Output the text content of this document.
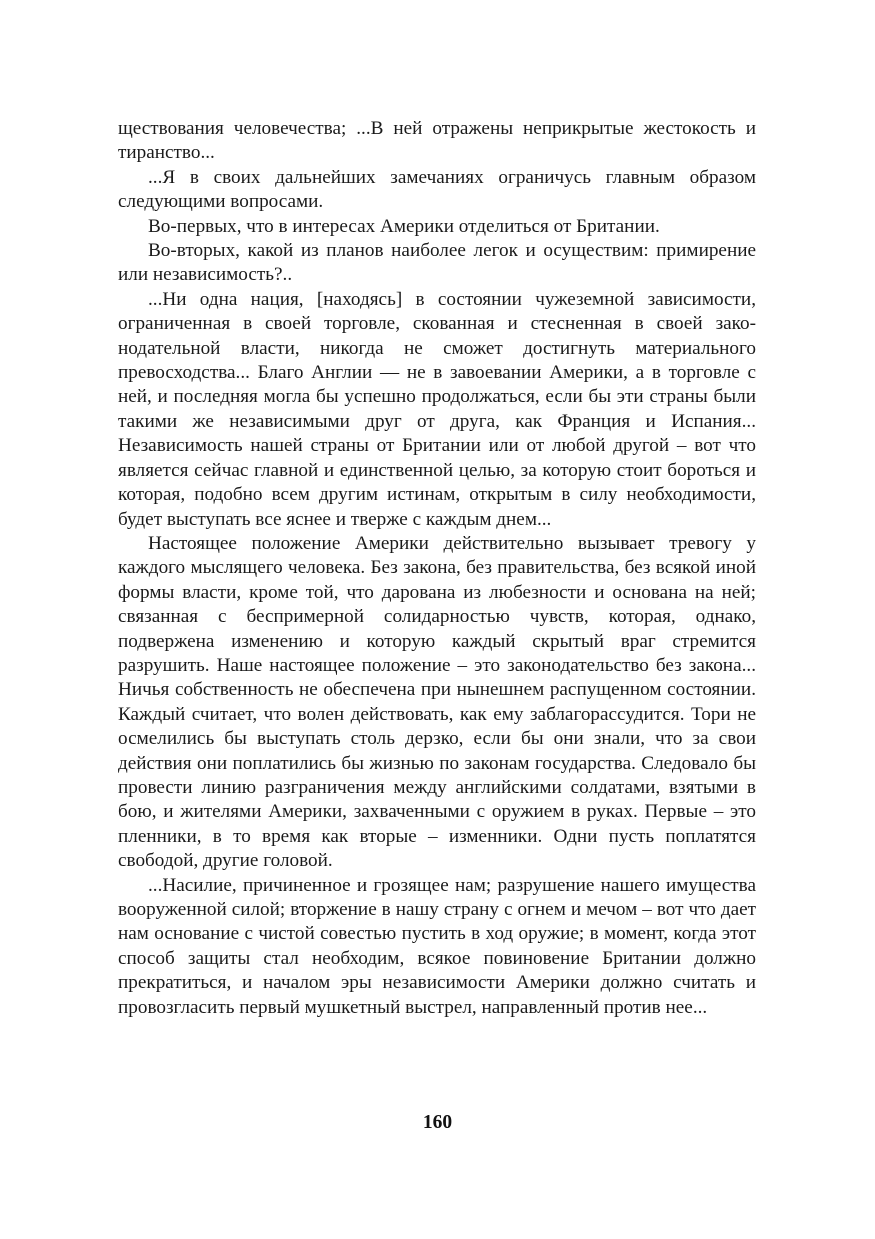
ществования человечества; ...В ней отражены неприкрытые жестокость и тиранство...

...Я в своих дальнейших замечаниях ограничусь главным образом следующими вопросами.

Во-первых, что в интересах Америки отделиться от Британии.

Во-вторых, какой из планов наиболее легок и осуществим: примирение или независимость?..

...Ни одна нация, [находясь] в состоянии чужеземной зависимости, ограниченная в своей торговле, скованная и стесненная в своей законодательной власти, никогда не сможет достигнуть материального превосходства... Благо Англии — не в завоевании Америки, а в торговле с ней, и последняя могла бы успешно продолжаться, если бы эти страны были такими же независимыми друг от друга, как Франция и Испания... Независимость нашей страны от Британии или от любой другой – вот что является сейчас главной и единственной целью, за которую стоит бороться и которая, подобно всем другим истинам, открытым в силу необходимости, будет выступать все яснее и тверже с каждым днем...

Настоящее положение Америки действительно вызывает тревогу у каждого мыслящего человека. Без закона, без правительства, без всякой иной формы власти, кроме той, что дарована из любезности и основана на ней; связанная с беспримерной солидарностью чувств, которая, однако, подвержена изменению и которую каждый скрытый враг стремится разрушить. Наше настоящее положение – это законодательство без закона... Ничья собственность не обеспечена при нынешнем распущенном состоянии. Каждый считает, что волен действовать, как ему заблагорассудится. Тори не осмелились бы выступать столь дерзко, если бы они знали, что за свои действия они поплатились бы жизнью по законам государства. Следовало бы провести линию разграничения между английскими солдатами, взятыми в бою, и жителями Америки, захваченными с оружием в руках. Первые – это пленники, в то время как вторые – изменники. Одни пусть поплатятся свободой, другие головой.

...Насилие, причиненное и грозящее нам; разрушение нашего имущества вооруженной силой; вторжение в нашу страну с огнем и мечом – вот что дает нам основание с чистой совестью пустить в ход оружие; в момент, когда этот способ защиты стал необходим, всякое повиновение Британии должно прекратиться, и началом эры независимости Америки должно считать и провозгласить первый мушкетный выстрел, направленный против нее...

160
